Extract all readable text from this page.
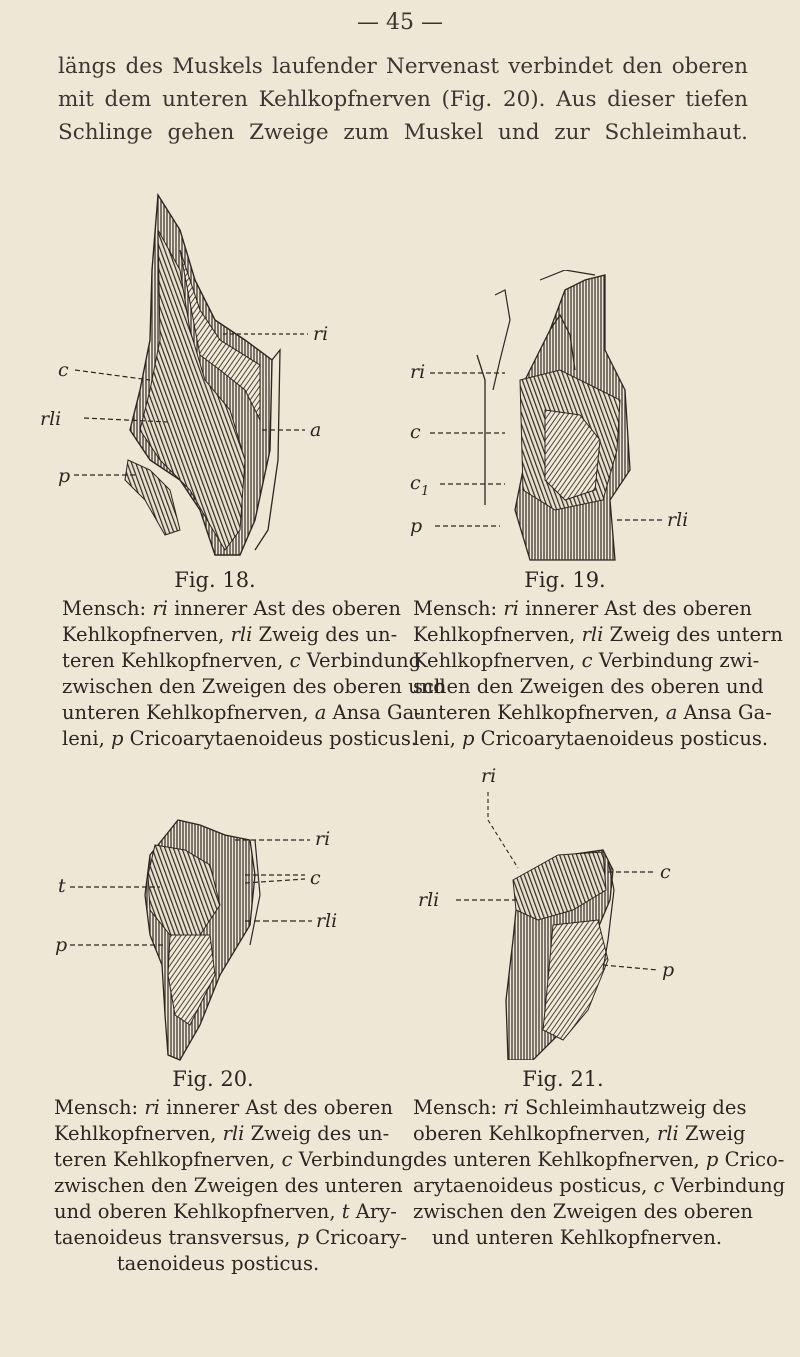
— 45 —
längs des Muskels laufender Nervenast verbindet den oberen
mit dem unteren Kehlkopfnerven (Fig. 20). Aus dieser tiefen
Schlinge gehen Zweige zum Muskel und zur Schleimhaut.
ri
c
rli	a
p
Fig. 18.
Mensch: ri innerer Ast des oberen
Kehlkopfnerven, rli Zweig des un-
teren Kehlkopfnerven, c Verbindung
zwischen den Zweigen des oberen und
unteren Kehlkopfnerven, a Ansa Ga-
leni, p Cricoarytaenoideus posticus.
ri
c
c 1
p	rli
Fig. 19.
Mensch: ri innerer Ast des oberen
Kehlkopfnerven, rli Zweig des untern
Kehlkopfnerven, c Verbindung zwi-
schen den Zweigen des oberen und
unteren Kehlkopfnerven, a Ansa Ga-
leni, p Cricoarytaenoideus posticus.
ri
t	c
rli
p
Fig. 20.
Mensch: ri innerer Ast des oberen
Kehlkopfnerven, rli Zweig des un-
teren Kehlkopfnerven, c Verbindung
zwischen den Zweigen des unteren
und oberen Kehlkopfnerven, t Ary-
taenoideus transversus, p Cricoary-
taenoideus posticus.
ri
c
rli
p
Fig. 21.
Mensch: ri Schleimhautzweig des
oberen Kehlkopfnerven, rli Zweig
des unteren Kehlkopfnerven, p Crico-
arytaenoideus posticus, c Verbindung
zwischen den Zweigen des oberen
und unteren Kehlkopfnerven.
